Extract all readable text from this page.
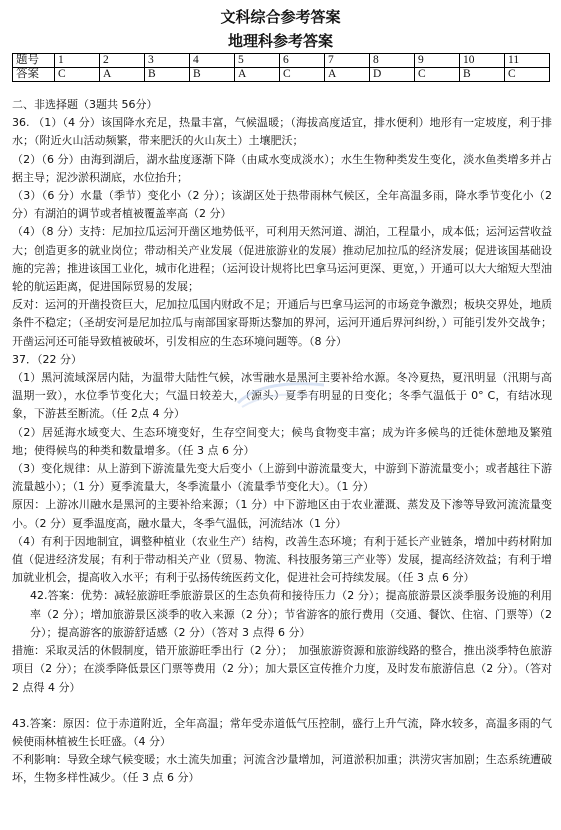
文科综合参考答案
地理科参考答案
题号	1	2	3	4	5	6	7	8	9	10	11
答案	C	A	B	B	A	C	A	D	C	B	C

二、非选择题（3题共 56分）

36. （1）（4 分）该国降水充足，热量丰富，气候温暖；（海拔高度适宜，排水便利）地形有一定坡度，利于排水；（附近火山活动频繁，带来肥沃的火山灰土）土壤肥沃；

（2）（6 分）由海到湖后，湖水盐度逐渐下降（由咸水变成淡水）；水生生物种类发生变化，淡水鱼类增多并占据主导；泥沙淤积湖底，水位抬升；

（3）（6 分）水量（季节）变化小（2 分）；该湖区处于热带雨林气候区，全年高温多雨，降水季节变化小（2 分）有湖泊的调节或者植被覆盖率高（2 分）

（4）（8 分）支持：尼加拉瓜运河开凿区地势低平，可利用天然河道、湖泊，工程量小，成本低；运河运营收益大；创造更多的就业岗位；带动相关产业发展（促进旅游业的发展）推动尼加拉瓜的经济发展；促进该国基础设施的完善；推进该国工业化，城市化进程；（运河设计规将比巴拿马运河更深、更宽，）开通可以大大缩短大型油轮的航运距离，促进国际贸易的发展；

反对：运河的开凿投资巨大，尼加拉瓜国内财政不足；开通后与巴拿马运河的市场竞争激烈；板块交界处，地质条件不稳定；（圣胡安河是尼加拉瓜与南部国家哥斯达黎加的界河，运河开通后界河纠纷，）可能引发外交战争；开凿运河还可能导致植被破坏，引发相应的生态环境问题等。（8 分）

37．（22 分）

（1）黑河流域深居内陆，为温带大陆性气候，冰雪融水是黑河主要补给水源。冬冷夏热，夏汛明显（汛期与高温期一致），水位季节变化大；气温日较差大，（源头）夏季有明显的日变化；冬季气温低于 0° C，有结冰现象，下游甚至断流。（任 2点 4 分）

（2）居延海水域变大、生态环境变好，生存空间变大；候鸟食物变丰富；成为许多候鸟的迁徙休憩地及繁殖地；使得候鸟的种类和数量增多。（任 3 点 6 分）

（3）变化规律：从上游到下游流量先变大后变小（上游到中游流量变大，中游到下游流量变小；或者越往下游流量越小）；（1 分）夏季流量大，冬季流量小（流量季节变化大）。（1 分）

原因：上游冰川融水是黑河的主要补给来源；（1 分）中下游地区由于农业灌溉、蒸发及下渗等导致河流流量变小。（2 分）夏季温度高，融水量大，冬季气温低，河流结冰（1 分）

（4）有利于因地制宜，调整种植业（农业生产）结构，改善生态环境；有利于延长产业链条，增加中药材附加值（促进经济发展；有利于带动相关产业（贸易、物流、科技服务第三产业等）发展，提高经济效益；有利于增加就业机会，提高收入水平；有利于弘扬传统医药文化，促进社会可持续发展。（任 3 点 6 分）

42.答案：优势：减轻旅游旺季旅游景区的生态负荷和接待压力（2 分）；提高旅游景区淡季服务设施的利用率（2 分）；增加旅游景区淡季的收入来源（2 分）；节省游客的旅行费用（交通、餐饮、住宿、门票等）（2 分）；提高游客的旅游舒适感（2 分）（答对 3 点得 6 分）

措施：采取灵活的休假制度，错开旅游旺季出行（2 分）；　加强旅游资源和旅游线路的整合，推出淡季特色旅游项目（2 分）；在淡季降低景区门票等费用（2 分）；加大景区宣传推介力度，及时发布旅游信息（2 分）。（答对 2 点得 4 分）

43.答案：原因：位于赤道附近，全年高温；常年受赤道低气压控制，盛行上升气流，降水较多，高温多雨的气候使雨林植被生长旺盛。（4 分）

不利影响：导致全球气候变暖；水土流失加重；河流含沙量增加，河道淤积加重；洪涝灾害加剧；生态系统遭破坏，生物多样性减少。（任 3 点 6 分）
